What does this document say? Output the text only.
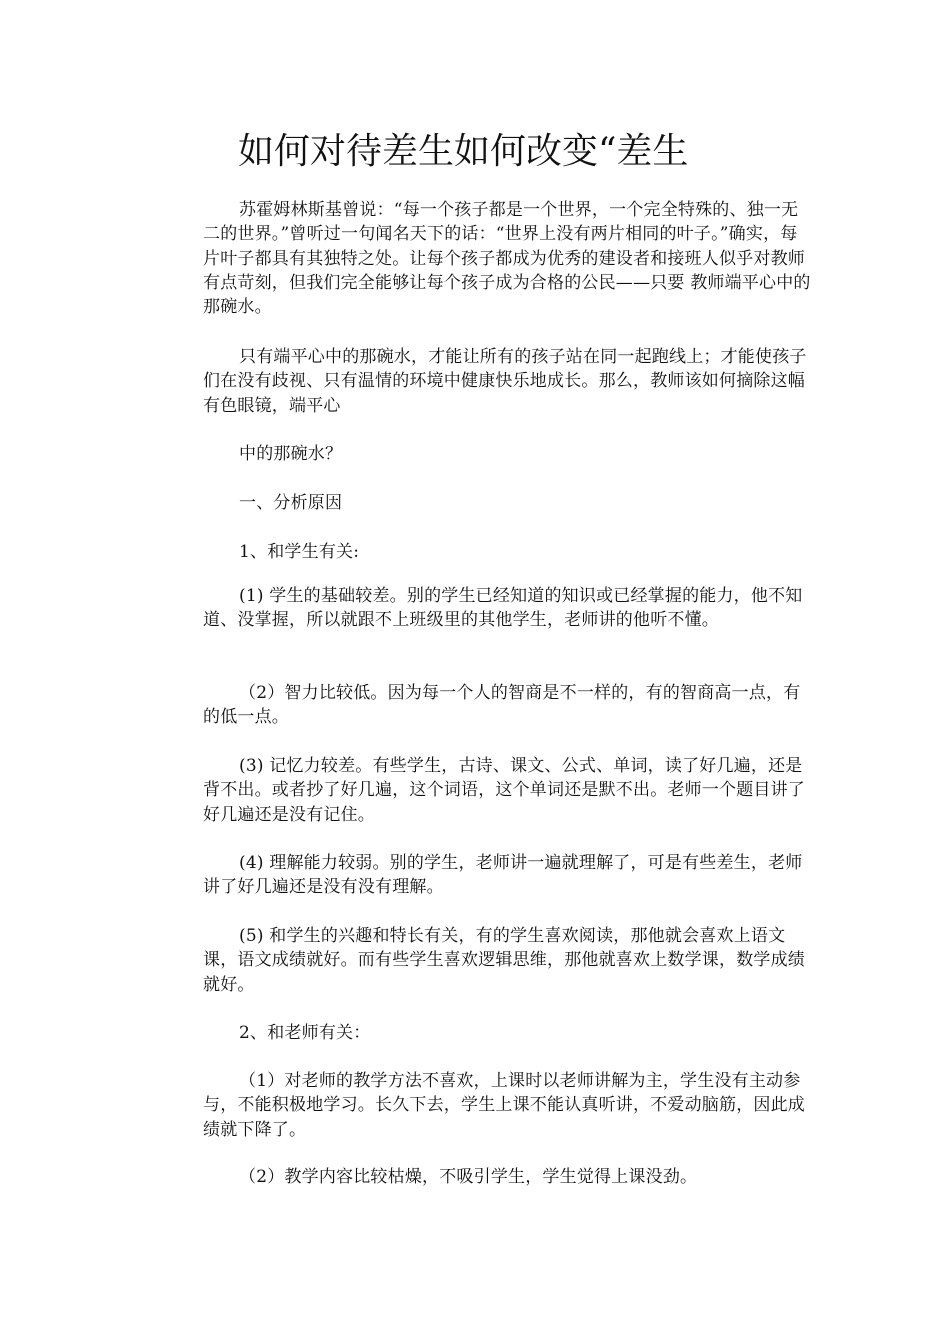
如何对待差生如何改变“差生

苏霍姆林斯基曾说：“每一个孩子都是一个世界，一个完全特殊的、独一无二的世界。”曾听过一句闻名天下的话：“世界上没有两片相同的叶子。”确实，每片叶子都具有其独特之处。让每个孩子都成为优秀的建设者和接班人似乎对教师有点苛刻，但我们完全能够让每个孩子成为合格的公民——只要 教师端平心中的那碗水。

只有端平心中的那碗水，才能让所有的孩子站在同一起跑线上；才能使孩子们在没有歧视、只有温情的环境中健康快乐地成长。那么，教师该如何摘除这幅有色眼镜，端平心

中的那碗水？

一、分析原因

1、和学生有关:

(1) 学生的基础较差。别的学生已经知道的知识或已经掌握的能力，他不知道、没掌握，所以就跟不上班级里的其他学生，老师讲的他听不懂。

（2）智力比较低。因为每一个人的智商是不一样的，有的智商高一点，有的低一点。

(3) 记忆力较差。有些学生，古诗、课文、公式、单词，读了好几遍，还是背不出。或者抄了好几遍，这个词语，这个单词还是默不出。老师一个题目讲了好几遍还是没有记住。

(4) 理解能力较弱。别的学生，老师讲一遍就理解了，可是有些差生，老师讲了好几遍还是没有没有理解。

(5) 和学生的兴趣和特长有关，有的学生喜欢阅读，那他就会喜欢上语文课，语文成绩就好。而有些学生喜欢逻辑思维，那他就喜欢上数学课，数学成绩就好。

2、和老师有关：

（1）对老师的教学方法不喜欢，上课时以老师讲解为主，学生没有主动参与，不能积极地学习。长久下去，学生上课不能认真听讲，不爱动脑筋，因此成绩就下降了。

（2）教学内容比较枯燥，不吸引学生，学生觉得上课没劲。
